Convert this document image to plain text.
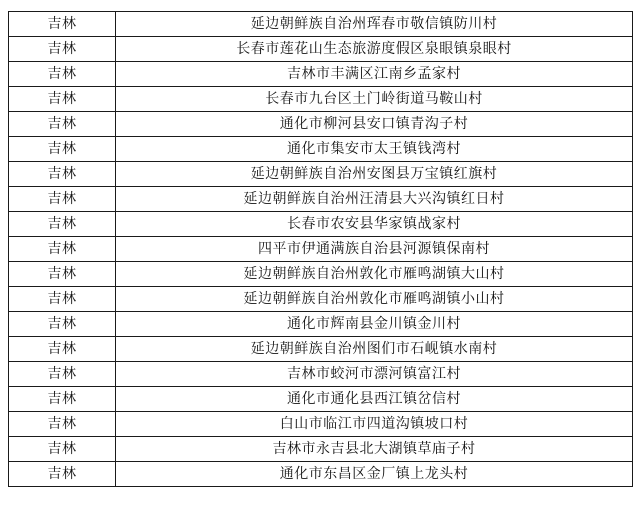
吉林	延边朝鲜族自治州珲春市敬信镇防川村
吉林	长春市莲花山生态旅游度假区泉眼镇泉眼村
吉林	吉林市丰满区江南乡孟家村
吉林	长春市九台区土门岭街道马鞍山村
吉林	通化市柳河县安口镇青沟子村
吉林	通化市集安市太王镇钱湾村
吉林	延边朝鲜族自治州安图县万宝镇红旗村
吉林	延边朝鲜族自治州汪清县大兴沟镇红日村
吉林	长春市农安县华家镇战家村
吉林	四平市伊通满族自治县河源镇保南村
吉林	延边朝鲜族自治州敦化市雁鸣湖镇大山村
吉林	延边朝鲜族自治州敦化市雁鸣湖镇小山村
吉林	通化市辉南县金川镇金川村
吉林	延边朝鲜族自治州图们市石岘镇水南村
吉林	吉林市蛟河市漂河镇富江村
吉林	通化市通化县西江镇岔信村
吉林	白山市临江市四道沟镇坡口村
吉林	吉林市永吉县北大湖镇草庙子村
吉林	通化市东昌区金厂镇上龙头村
